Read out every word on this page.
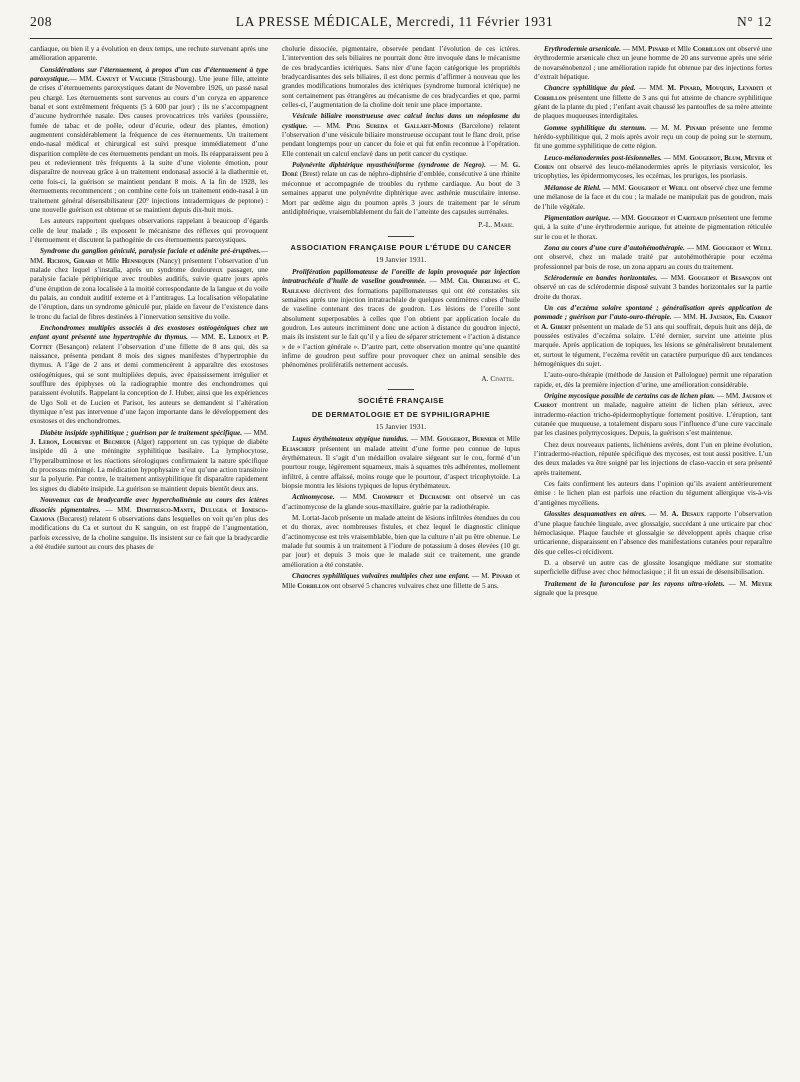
208	LA PRESSE MÉDICALE, Mercredi, 11 Février 1931	N° 12

cardiaque, ou bien il y a évolution en deux temps, une rechute survenant après une amélioration apparente.

Considérations sur l’éternuement, à propos d’un cas d’éternuement à type paroxystique.— MM. Canuyt et Vaucher (Strasbourg). Une jeune fille, atteinte de crises d’éternuements paroxystiques datant de Novembre 1926, un passé nasal peu chargé. Les éternuements sont survenus au cours d’un coryza en apparence banal et sont extrêmement fréquents (5 à 600 par jour) ; ils ne s’accompagnent d’aucune hydrorrhée nasale. Des causes provocatrices très variées (poussière, fumée de tabac et de poêle, odeur d’écurie, odeur des plantes, émotion) augmentent considérablement la fréquence de ces éternuements. Un traitement endo-nasal médical et chirurgical est suivi presque immédiatement d’une disparition complète de ces éternuements pendant un mois. Ils réapparaissent peu à peu et redeviennent très fréquents à la suite d’une violente émotion, pour disparaître de nouveau grâce à un traitement endonasal associé à la diathermie et, cette fois-ci, la guérison se maintient pendant 8 mois. A la fin de 1928, les éternuements recommencent ; on combine cette fois un traitement endo-nasal à un traitement général désensibilisateur (20° injections intradermiques de peptone) : une nouvelle guérison est obtenue et se maintient depuis dix-huit mois.

Les auteurs rapportent quelques observations rappelant à beaucoup d’égards celle de leur malade ; ils exposent le mécanisme des réflexes qui provoquent l’éternuement et discutent la pathogénie de ces éternuements paroxystiques.

Syndrome du ganglion géniculé, paralysie faciale et adénite pré-éruptives.— MM. Richon, Girard et Mlle Hennequin (Nancy) présentent l’observation d’un malade chez lequel s’installa, après un syndrome douloureux passager, une paralysie faciale périphérique avec troubles auditifs, suivie quatre jours après d’une éruption de zona localisée à la moitié correspondante de la langue et du voile du palais, au conduit auditif externe et à l’antitragus. La localisation vélopalatine de l’éruption, dans un syndrome géniculé pur, plaide en faveur de l’existence dans le tronc du facial de fibres destinées à l’innervation sensitive du voile.

Enchondromes multiples associés à des exostoses ostéogéniques chez un enfant ayant présenté une hypertrophie du thymus. — MM. E. Ledoux et P. Cottet (Besançon) relatent l’observation d’une fillette de 8 ans qui, dès sa naissance, présenta pendant 8 mois des signes manifestes d’hypertrophie du thymus. A l’âge de 2 ans et demi commencèrent à apparaître des exostoses ostéogéniques, qui se sont multipliées depuis, avec épaississement irrégulier et soufflure des épiphyses où la radiographie montre des enchondromes qui paraissent évolutifs. Rappelant la conception de J. Huber, ainsi que les expériences de Ugo Soli et de Lucien et Parisot, les auteurs se demandent si l’altération thymique n’est pas intervenue d’une façon importante dans le développement des exostoses et des enchondromes.

Diabète insipide syphilitique ; guérison par le traitement spécifique. — MM. J. Lebon, Loubeyre et Becmeur (Alger) rapportent un cas typique de diabète insipide dû à une méningite syphilitique basilaire. La lymphocytose, l’hyperalbuminose et les réactions sérologiques confirmaient la nature spécifique du processus méningé. La médication hypophysaire n’eut qu’une action transitoire sur la polyurie. Par contre, le traitement antisyphilitique fit disparaître rapidement les signes du diabète insipide. La guérison se maintient depuis bientôt deux ans.

Nouveaux cas de bradycardie avec hypercholinémie au cours des ictères dissociés pigmentaires. — MM. Dimitresco-Mante, Dulugea et Ionesco-Craiova (Bucarest) relatent 6 observations dans lesquelles on voit qu’en plus des modifications du Ca et surtout du K sanguin, on est frappé de l’augmentation, parfois excessive, de la choline sanguine. Ils insistent sur ce fait que la bradycardie a été étudiée surtout au cours des phases de

cholurie dissociée, pigmentaire, observée pendant l’évolution de ces ictères. L’intervention des sels biliaires ne pourrait donc être invoquée dans le mécanisme de ces bradycardies ictériques. Sans nier d’une façon catégorique les propriétés bradycardisantes des sels biliaires, il est donc permis d’affirmer à nouveau que les grandes modifications humorales des ictériques (syndrome humoral ictérique) ne sont certainement pas étrangères au mécanisme de ces bradycardies et que, parmi celles-ci, l’augmentation de la choline doit tenir une place importante.

Vésicule biliaire monstrueuse avec calcul inclus dans un néoplasme du cystique. — MM. Puig Sureda et Gallart-Mones (Barcelone) relatent l’observation d’une vésicule biliaire monstrueuse occupant tout le flanc droit, prise pendant longtemps pour un cancer du foie et qui fut enfin reconnue à l’opération. Elle contenait un calcul enclavé dans un petit cancer du cystique.

Polynévrite diphtérique myasthéniforme (syndrome de Negro). — M. G. Doré (Brest) relate un cas de néphro-diphtérie d’emblée, consécutive à une rhinite méconnue et accompagnée de troubles du rythme cardiaque. Au bout de 3 semaines apparut une polynévrite diphtérique avec asthénie musculaire intense. Mort par œdème aigu du poumon après 3 jours de traitement par le sérum antidiphtérique, vraisemblablement du fait de l’atteinte des capsules surrénales.

P.-L. Marie.
ASSOCIATION FRANÇAISE POUR L’ÉTUDE DU CANCER
19 Janvier 1931.

Prolifération papillomateuse de l’oreille de lapin provoquée par injection intratrachéale d’huile de vaseline goudronnée. — MM. Ch. Oberling et C. Raileanu décrivent des formations papillomateuses qui ont été constatées six semaines après une injection intratrachéale de quelques centimètres cubes d’huile de vaseline contenant des traces de goudron. Les lésions de l’oreille sont absolument superposables à celles que l’on obtient par application locale du goudron. Les auteurs incriminent donc une action à distance du goudron injecté, mais ils insistent sur le fait qu’il y a lieu de séparer strictement « l’action à distance » de « l’action générale ». D’autre part, cette observation montre qu’une quantité infime de goudron peut suffire pour provoquer chez un animal sensible des phénomènes prolifératifs nettement accusés.

A. Civatte.
SOCIÉTÉ FRANÇAISE
DE DERMATOLOGIE ET DE SYPHILIGRAPHIE
15 Janvier 1931.

Lupus érythémateux atypique tumidus. — MM. Gougerot, Burnier et Mlle Eliascheff présentent un malade atteint d’une forme peu connue de lupus érythémateux. Il s’agit d’un médaillon ovalaire siégeant sur le cou, formé d’un pourtour rouge, légèrement squameux, mais à squames très adhérentes, mollement infiltré, à centre affaissé, moins rouge que le pourtour, d’aspect tricophytoïde. La biopsie montra les lésions typiques de lupus érythémateux.

Actinomycose. — MM. Chompret et Dechaume ont observé un cas d’actinomycose de la glande sous-maxillaire, guérie par la radiothérapie.

M. Lortat-Jacob présente un malade atteint de lésions infiltrées étendues du cou et du thorax, avec nombreuses fistules, et chez lequel le diagnostic clinique d’actinomycose est très vraisemblable, bien que la culture n’ait pu être obtenue. Le malade fut soumis à un traitement à l’iodure de potassium à doses élevées (10 gr. par jour) et depuis 3 mois que le malade suit ce traitement, une grande amélioration a été constatée.

Chancres syphilitiques vulvaires multiples chez une enfant. — M. Pinard et Mlle Corbillon ont observé 5 chancres vulvaires chez une fillette de 5 ans.

Erythrodermie arsenicale. — MM. Pinard et Mlle Corbillon ont observé une érythrodermie arsenicale chez un jeune homme de 20 ans survenue après une série de novarsénobenzol ; une amélioration rapide fut obtenue par des injections fortes d’extrait hépatique.

Chancre syphilitique du pied. — MM. M. Pinard, Mouquin, Levaditi et Corbillon présentent une fillette de 3 ans qui fut atteinte de chancre syphilitique géant de la plante du pied ; l’enfant avait chaussé les pantoufles de sa mère atteinte de plaques muqueuses interdigitales.

Gomme syphilitique du sternum. — M. M. Pinard présente une femme hérédo-syphilitique qui, 2 mois après avoir reçu un coup de poing sur le sternum, fit une gomme syphilitique de cette région.

Leuco-mélanodermies post-lésionnelles. — MM. Gougerot, Blum, Meyer et Cohen ont observé des leuco-mélanodermies après le pityriasis versicolor, les tricophyties, les épidermomycoses, les eczémas, les prurigos, les psoriasis.

Mélanose de Riehl. — MM. Gougerot et Weill ont observé chez une femme une mélanose de la face et du cou ; la malade ne manipulait pas de goudron, mais de l’hile végétale.

Pigmentation aurique. — MM. Gougerot et Carteaud présentent une femme qui, à la suite d’une érythrodermie aurique, fut atteinte de pigmentation réticulée sur le cou et le thorax.

Zona au cours d’une cure d’autohémothérapie. — MM. Gougerot et Weill ont observé, chez un malade traité par autohémothérapie pour eczéma professionnel par bois de rose, un zona apparu au cours du traitement.

Sclérodermie en bandes horizontales. — MM. Gougerot et Besançon ont observé un cas de sclérodermie disposé suivant 3 bandes horizontales sur la partie droite du thorax.

Un cas d’eczéma solaire spontané ; généralisation après application de pommade ; guérison par l’auto-ouro-thérapie. — MM. H. Jausion, Ed. Carrot et A. Gibert présentent un malade de 51 ans qui souffrait, depuis huit ans déjà, de poussées estivales d’eczéma solaire. L’été dernier, survint une atteinte plus marquée. Après application de topiques, les lésions se généralisèrent brutalement et, surtout le tégument, l’eczéma revêtit un caractère purpurique dû aux tendances hémogéniques du sujet.

L’auto-ouro-thérapie (méthode de Jausion et Pallologue) permit une réparation rapide, et, dès la première injection d’urine, une amélioration considérable.

Origine mycosique possible de certains cas de lichen plan. — MM. Jausion et Carrot montrent un malade, naguère atteint de lichen plan sérieux, avec intradermo-réaction tricho-épidermophytique fortement positive. L’éruption, tant cutanée que muqueuse, a totalement disparu sous l’influence d’une cure vaccinale par les clasines polymycosiques. Depuis, la guérison s’est maintenue.

Chez deux nouveaux patients, lichéniens avérés, dont l’un en pleine évolution, l’intradermo-réaction, réputée spécifique des mycoses, est tout aussi positive. L’un des deux malades va être soigné par les injections de claso-vaccin et sera présenté après traitement.

Ces faits confirment les auteurs dans l’opinion qu’ils avaient antérieurement émise : le lichen plan est parfois une réaction du tégument allergique vis-à-vis d’antigènes mycéliens.

Glossites desquamatives en aires. — M. A. Desaux rapporte l’observation d’une plaque fauchée linguale, avec glossalgie, succédant à une urticaire par choc hémoclasique. Plaque fauchée et glossalgie se développent après chaque crise urticarienne, disparaissent en l’absence des manifestations cutanées pour reparaître dès que celles-ci récidivent.

D. a observé un autre cas de glossite losangique médiane sur stomatite superficielle diffuse avec choc hémoclasique ; il fit un essai de désensibilisation.

Traitement de la furonculose par les rayons ultra-violets. — M. Meyer signale que la presque
